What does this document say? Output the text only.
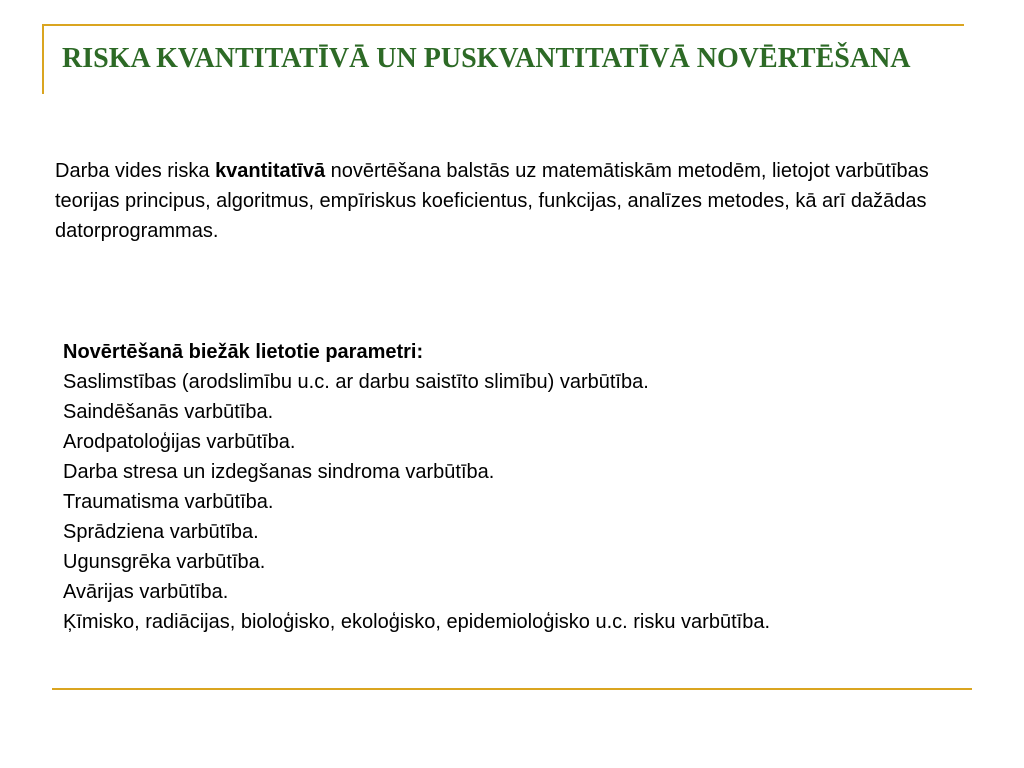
RISKA KVANTITATĪVĀ UN PUSKVANTITATĪVĀ NOVĒRTĒŠANA

Darba vides riska kvantitatīvā novērtēšana balstās uz matemātiskām metodēm, lietojot varbūtības teorijas principus, algoritmus, empīriskus koeficientus, funkcijas, analīzes metodes, kā arī dažādas datorprogrammas.

Novērtēšanā biežāk lietotie parametri:
Saslimstības (arodslimību u.c. ar darbu saistīto slimību) varbūtība.
Saindēšanās varbūtība.
Arodpatoloģijas varbūtība.
Darba stresa un izdegšanas sindroma varbūtība.
Traumatisma varbūtība.
Sprādziena varbūtība.
Ugunsgrēka varbūtība.
Avārijas varbūtība.
Ķīmisko, radiācijas, bioloģisko, ekoloģisko, epidemioloģisko u.c. risku varbūtība.
